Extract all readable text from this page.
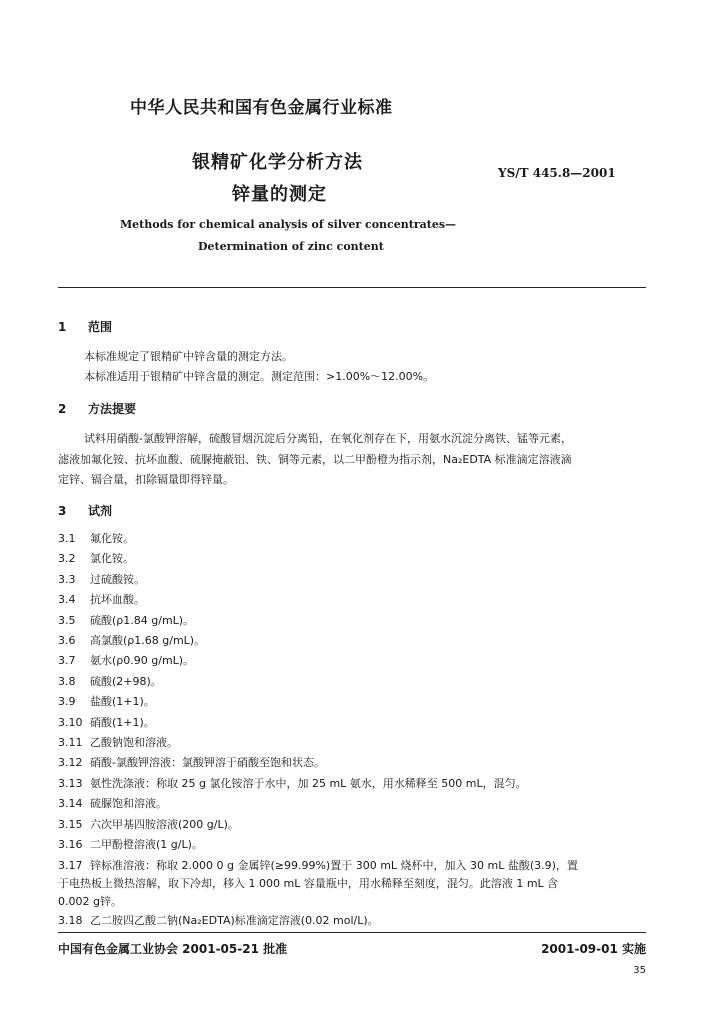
中华人民共和国有色金属行业标准
银精矿化学分析方法
锌量的测定
YS/T 445.8—2001
Methods for chemical analysis of silver concentrates—
Determination of zinc content
1 范围
本标准规定了银精矿中锌含量的测定方法。
本标准适用于银精矿中锌含量的测定。测定范围：>1.00%～12.00%。
2 方法提要
试料用硝酸-氯酸钾溶解，硫酸冒烟沉淀后分离铅，在氧化剂存在下，用氨水沉淀分离铁、锰等元素，
滤液加氟化铵、抗坏血酸、硫脲掩蔽铝、铁、铜等元素，以二甲酚橙为指示剂，Na₂EDTA 标准滴定溶液滴
定锌、镉合量，扣除镉量即得锌量。
3 试剂
3.1 氟化铵。
3.2 氯化铵。
3.3 过硫酸铵。
3.4 抗坏血酸。
3.5 硫酸(ρ1.84 g/mL)。
3.6 高氯酸(ρ1.68 g/mL)。
3.7 氨水(ρ0.90 g/mL)。
3.8 硫酸(2+98)。
3.9 盐酸(1+1)。
3.10 硝酸(1+1)。
3.11 乙酸钠饱和溶液。
3.12 硝酸-氯酸钾溶液：氯酸钾溶于硝酸至饱和状态。
3.13 氨性洗涤液：称取 25 g 氯化铵溶于水中，加 25 mL 氨水，用水稀释至 500 mL，混匀。
3.14 硫脲饱和溶液。
3.15 六次甲基四胺溶液(200 g/L)。
3.16 二甲酚橙溶液(1 g/L)。
3.17 锌标准溶液：称取 2.000 0 g 金属锌(≥99.99%)置于 300 mL 烧杯中，加入 30 mL 盐酸(3.9)，置
于电热板上微热溶解，取下冷却，移入 1 000 mL 容量瓶中，用水稀释至刻度，混匀。此溶液 1 mL 含
0.002 g锌。
3.18 乙二胺四乙酸二钠(Na₂EDTA)标准滴定溶液(0.02 mol/L)。
中国有色金属工业协会 2001-05-21 批准	2001-09-01 实施
35
